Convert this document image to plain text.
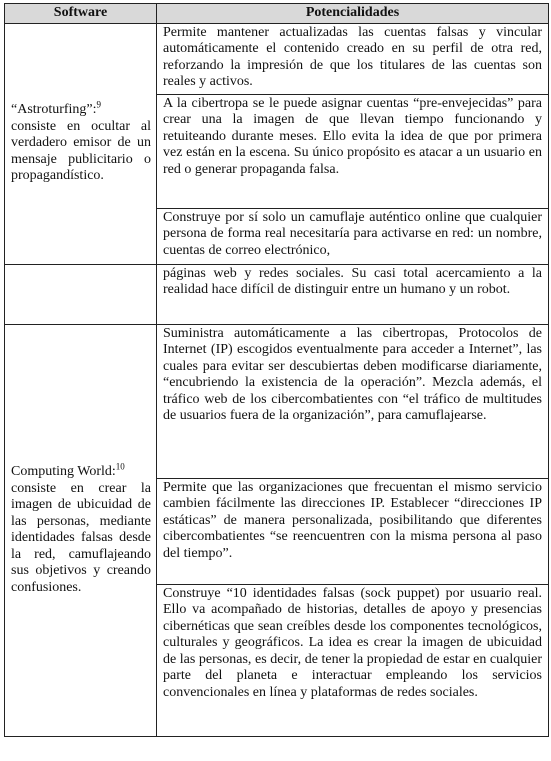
Software	Potencialidades
“Astroturfing”:$^9$
consiste en ocultar al verdadero emisor de un mensaje publicitario o propagandístico.	Permite mantener actualizadas las cuentas falsas y vincular automáticamente el contenido creado en su perfil de otra red, reforzando la impresión de que los titulares de las cuentas son reales y activos.
	A la cibertropa se le puede asignar cuentas “pre-envejecidas” para crear una la imagen de que llevan tiempo funcionando y retuiteando durante meses. Ello evita la idea de que por primera vez están en la escena. Su único propósito es atacar a un usuario en red o generar propaganda falsa.
	Construye por sí solo un camuflaje auténtico online que cualquier persona de forma real necesitaría para activarse en red: un nombre, cuentas de correo electrónico,
	páginas web y redes sociales. Su casi total acercamiento a la realidad hace difícil de distinguir entre un humano y un robot.
Computing World:$^{10}$
consiste en crear la imagen de ubicuidad de las personas, mediante identidades falsas desde la red, camuflajeando sus objetivos y creando confusiones.	Suministra automáticamente a las cibertropas, Protocolos de Internet (IP) escogidos eventualmente para acceder a Internet”, las cuales para evitar ser descubiertas deben modificarse diariamente, “encubriendo la existencia de la operación”. Mezcla además, el tráfico web de los cibercombatientes con “el tráfico de multitudes de usuarios fuera de la organización”, para camuflajearse.
	Permite que las organizaciones que frecuentan el mismo servicio cambien fácilmente las direcciones IP. Establecer “direcciones IP estáticas” de manera personalizada, posibilitando que diferentes cibercombatientes “se reencuentren con la misma persona al paso del tiempo”.
	Construye “10 identidades falsas (sock puppet) por usuario real. Ello va acompañado de historias, detalles de apoyo y presencias cibernéticas que sean creíbles desde los componentes tecnológicos, culturales y geográficos. La idea es crear la imagen de ubicuidad de las personas, es decir, de tener la propiedad de estar en cualquier parte del planeta e interactuar empleando los servicios convencionales en línea y plataformas de redes sociales.
